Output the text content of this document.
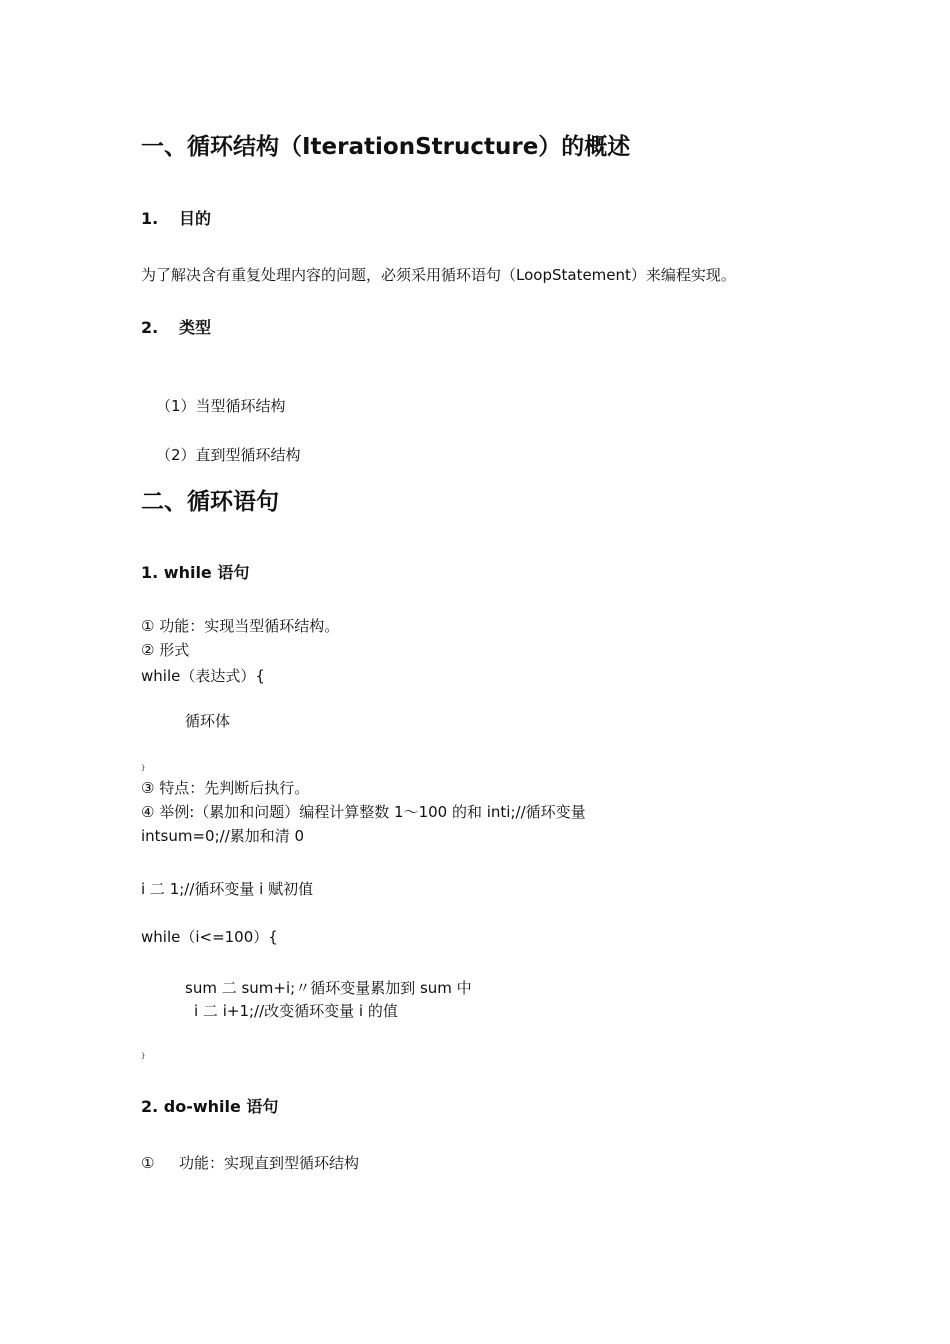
一、循环结构（IterationStructure）的概述
1. 目的

为了解决含有重复处理内容的问题，必须采用循环语句（LoopStatement）来编程实现。

2. 类型

（1）当型循环结构

（2）直到型循环结构

二、循环语句
1. while 语句

① 功能：实现当型循环结构。

② 形式

while（表达式）{

循环体

}

③ 特点：先判断后执行。

④ 举例:（累加和问题）编程计算整数 1〜100 的和 inti;//循环变量

intsum=0;//累加和清 0

i 二 1;//循环变量 i 赋初值

while（i<=100）{

sum 二 sum+i;〃循环变量累加到 sum 中

i 二 i+1;//改变循环变量 i 的值

}

2. do-while 语句
① 功能：实现直到型循环结构
